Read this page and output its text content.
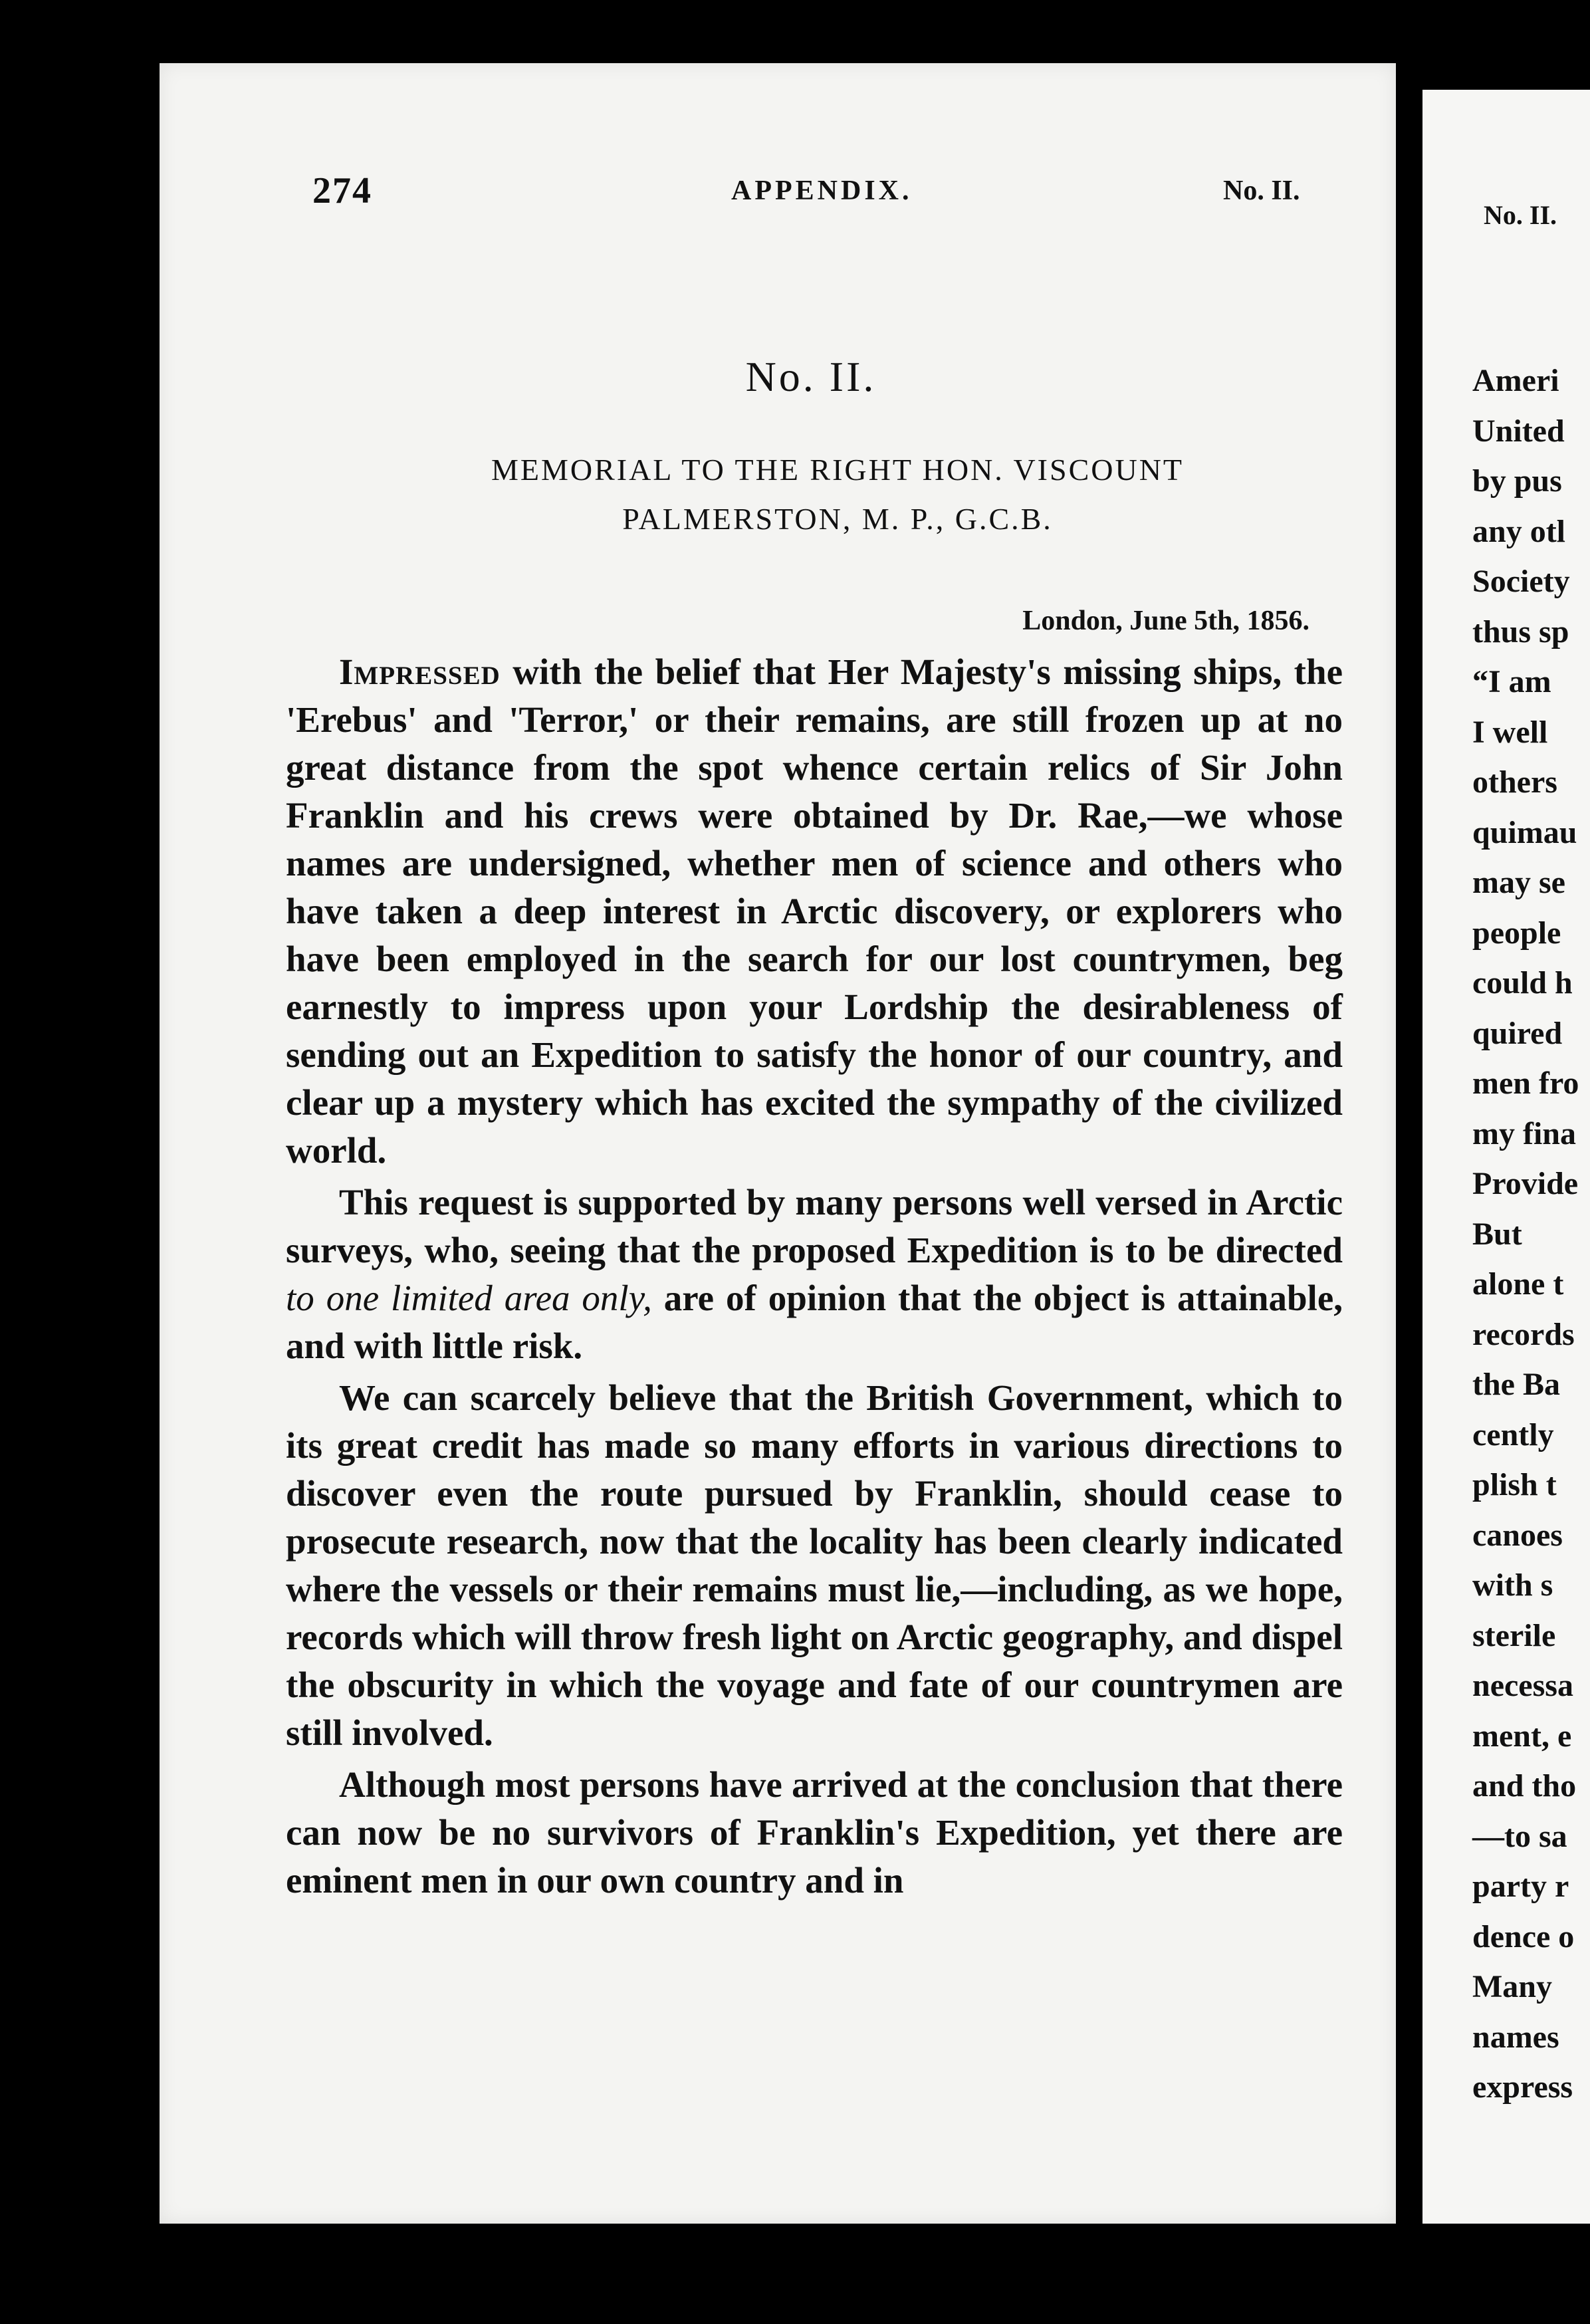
274	APPENDIX.	No. II.
No. II.
MEMORIAL TO THE RIGHT HON. VISCOUNT
PALMERSTON, M. P., G.C.B.
London, June 5th, 1856.

Impressed with the belief that Her Majesty's missing ships, the 'Erebus' and 'Terror,' or their remains, are still frozen up at no great distance from the spot whence certain relics of Sir John Franklin and his crews were obtained by Dr. Rae,—we whose names are undersigned, whether men of science and others who have taken a deep interest in Arctic discovery, or explorers who have been employed in the search for our lost countrymen, beg earnestly to impress upon your Lordship the desirableness of sending out an Expedition to satisfy the honor of our country, and clear up a mystery which has excited the sympathy of the civilized world.

This request is supported by many persons well versed in Arctic surveys, who, seeing that the proposed Expedition is to be directed to one limited area only, are of opinion that the object is attainable, and with little risk.

We can scarcely believe that the British Government, which to its great credit has made so many efforts in various directions to discover even the route pursued by Franklin, should cease to prosecute research, now that the locality has been clearly indicated where the vessels or their remains must lie,—including, as we hope, records which will throw fresh light on Arctic geography, and dispel the obscurity in which the voyage and fate of our countrymen are still involved.

Although most persons have arrived at the conclusion that there can now be no survivors of Franklin's Expedition, yet there are eminent men in our own country and in

No. II.
Ameri
United
by pus
any otl
Society
thus sp
“I am
I well
others
quimau
may se
people
could h
quired
men fro
my fina
Provide
But
alone t
records
the Ba
cently
plish t
canoes
with s
sterile
necessa
ment, e
and tho
—to sa
party r
dence o
Many
names
express
